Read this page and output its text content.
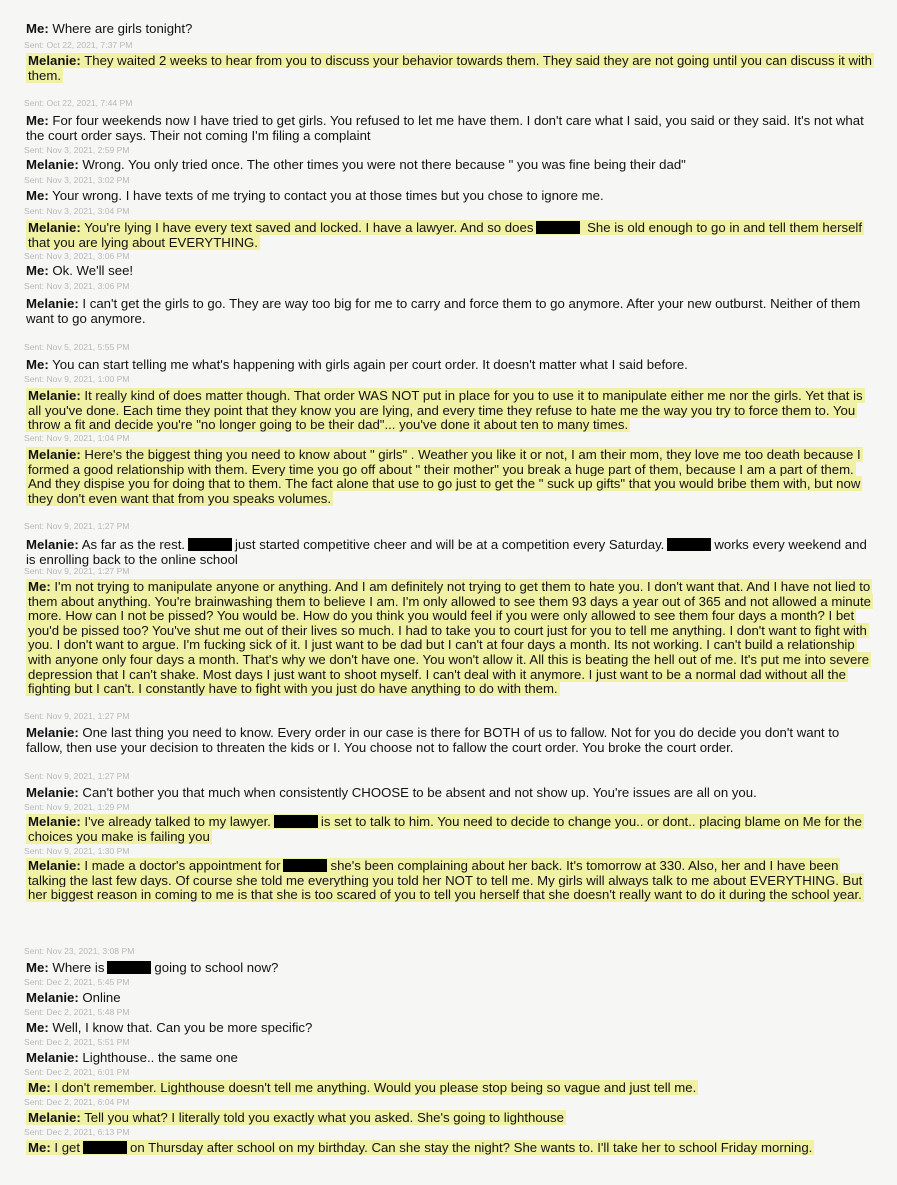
Me: Where are girls tonight?
Sent: Oct 22, 2021, 7:37 PM
Melanie: They waited 2 weeks to hear from you to discuss your behavior towards them. They said they are not going until you can discuss it with them.
Sent: Oct 22, 2021, 7:44 PM
Me: For four weekends now I have tried to get girls. You refused to let me have them. I don't care what I said, you said or they said. It's not what the court order says. Their not coming I'm filing a complaint
Sent: Nov 3, 2021, 2:59 PM
Melanie: Wrong. You only tried once. The other times you were not there because " you was fine being their dad"
Sent: Nov 3, 2021, 3:02 PM
Me: Your wrong. I have texts of me trying to contact you at those times but you chose to ignore me.
Sent: Nov 3, 2021, 3:04 PM
Melanie: You're lying I have every text saved and locked. I have a lawyer. And so does	She is old enough to go in and tell them herself that you are lying about EVERYTHING.
Sent: Nov 3, 2021, 3:06 PM
Me: Ok. We'll see!
Sent: Nov 3, 2021, 3:06 PM
Melanie: I can't get the girls to go. They are way too big for me to carry and force them to go anymore. After your new outburst. Neither of them want to go anymore.
Sent: Nov 5, 2021, 5:55 PM
Me: You can start telling me what's happening with girls again per court order. It doesn't matter what I said before.
Sent: Nov 9, 2021, 1:00 PM
Melanie: It really kind of does matter though. That order WAS NOT put in place for you to use it to manipulate either me nor the girls. Yet that is all you've done. Each time they point that they know you are lying, and every time they refuse to hate me the way you try to force them to. You throw a fit and decide you're "no longer going to be their dad"... you've done it about ten to many times.
Sent: Nov 9, 2021, 1:04 PM
Melanie: Here's the biggest thing you need to know about " girls" . Weather you like it or not, I am their mom, they love me too death because I formed a good relationship with them. Every time you go off about " their mother" you break a huge part of them, because I am a part of them. And they dispise you for doing that to them. The fact alone that use to go just to get the " suck up gifts" that you would bribe them with, but now they don't even want that from you speaks volumes.
Sent: Nov 9, 2021, 1:27 PM
Melanie: As far as the rest.	just started competitive cheer and will be at a competition every Saturday.	works every weekend and is enrolling back to the online school
Sent: Nov 9, 2021, 1:27 PM
Me: I'm not trying to manipulate anyone or anything. And I am definitely not trying to get them to hate you. I don't want that. And I have not lied to them about anything. You're brainwashing them to believe I am. I'm only allowed to see them 93 days a year out of 365 and not allowed a minute more. How can I not be pissed? You would be. How do you think you would feel if you were only allowed to see them four days a month? I bet you'd be pissed too? You've shut me out of their lives so much. I had to take you to court just for you to tell me anything. I don't want to fight with you. I don't want to argue. I'm fucking sick of it. I just want to be dad but I can't at four days a month. Its not working. I can't build a relationship with anyone only four days a month. That's why we don't have one. You won't allow it. All this is beating the hell out of me. It's put me into severe depression that I can't shake. Most days I just want to shoot myself. I can't deal with it anymore. I just want to be a normal dad without all the fighting but I can't. I constantly have to fight with you just do have anything to do with them.
Sent: Nov 9, 2021, 1:27 PM
Melanie: One last thing you need to know. Every order in our case is there for BOTH of us to fallow. Not for you do decide you don't want to fallow, then use your decision to threaten the kids or I. You choose not to fallow the court order. You broke the court order.
Sent: Nov 9, 2021, 1:27 PM
Melanie: Can't bother you that much when consistently CHOOSE to be absent and not show up. You're issues are all on you.
Sent: Nov 9, 2021, 1:29 PM
Melanie: I've already talked to my lawyer.	is set to talk to him. You need to decide to change you.. or dont.. placing blame on Me for the choices you make is failing you
Sent: Nov 9, 2021, 1:30 PM
Melanie: I made a doctor's appointment for	she's been complaining about her back. It's tomorrow at 330. Also, her and I have been talking the last few days. Of course she told me everything you told her NOT to tell me. My girls will always talk to me about EVERYTHING. But her biggest reason in coming to me is that she is too scared of you to tell you herself that she doesn't really want to do it during the school year.
Sent: Nov 23, 2021, 3:08 PM
Me: Where is	going to school now?
Sent: Dec 2, 2021, 5:45 PM
Melanie: Online
Sent: Dec 2, 2021, 5:48 PM
Me: Well, I know that. Can you be more specific?
Sent: Dec 2, 2021, 5:51 PM
Melanie: Lighthouse.. the same one
Sent: Dec 2, 2021, 6:01 PM
Me: I don't remember. Lighthouse doesn't tell me anything. Would you please stop being so vague and just tell me.
Sent: Dec 2, 2021, 6:04 PM
Melanie: Tell you what? I literally told you exactly what you asked. She's going to lighthouse
Sent: Dec 2, 2021, 6:13 PM
Me: I get	on Thursday after school on my birthday. Can she stay the night? She wants to. I'll take her to school Friday morning.
